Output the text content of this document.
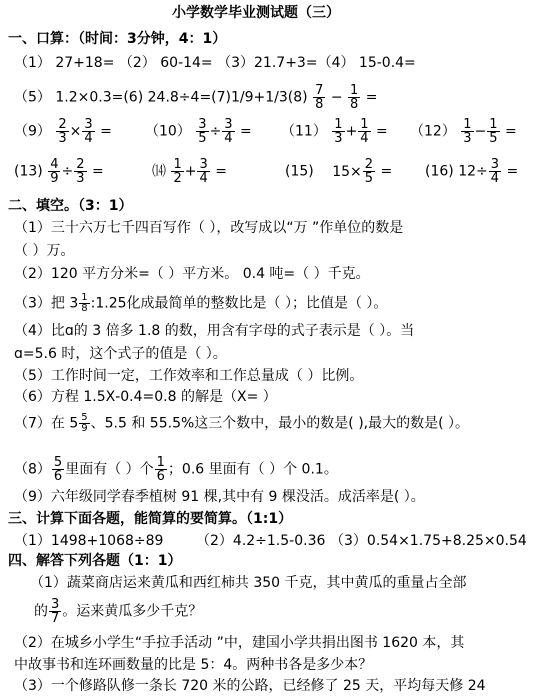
小学数学毕业测试题（三）
一、口算：（时间：3分钟，4：1）
（1） 27+18= （2） 60-14= （3）21.7+3=（4） 15-0.4=
（5） 1.2×0.3=(6) $24.8\div 4=(7)1/9+1/3(8) \frac{7}{8} - \frac{1}{8}$ =
$(9) \frac{2}{3} \times \frac{3}{4} = (10) \frac{3}{5} \div \frac{3}{4} = (11) \frac{1}{3} + \frac{1}{4} = (12) \frac{1}{3} - \frac{1}{5}$ =
$(13) \frac{4}{9} \div \frac{2}{3}$ =	⒁ $\frac{1}{2} + \frac{3}{4}$ =	(15) $15\times \frac{2}{5} = (16)$ $12\div \frac{3}{4}$ =
二、填空。（3：1）
（1）三十六万七千四百写作（ ），改写成以“万 ”作单位的数是
（ ）万。
（2）120 平方分米=（ ）平方米。 0.4 吨=（ ）千克。
（3）把 $3 \frac{1}{8}$ :1.25化成最简单的整数比是（ ）；比值是（ ）。
（4）比ɑ的 3 倍多 1.8 的数，用含有字母的式子表示是（ ）。当
ɑ=5.6 时，这个式子的值是（ ）。
（5）工作时间一定，工作效率和工作总量成（ ）比例。
（6）方程 1.5Ⅹ-0.4=0.8 的解是（Ⅹ= ）
（7）在 $5 \frac{5}{9}$ 、5.5 和 55.5%这三个数中，最小的数是( ),最大的数是( ）。
$(8) \frac{5}{6}$ 里面有（ ）个 $\frac{1}{6}$ ；0.6 里面有（ ）个 0.1。
（9）六年级同学春季植树 91 棵,其中有 9 棵没活。成活率是( ）。
三、计算下面各题，能简算的要简算。（1:1）
（1）1498+1068÷89 （2）4.2÷1.5-0.36 （3）0.54×1.75+8.25×0.54
四、解答下列各题（1：1）
（1）蔬菜商店运来黄瓜和西红柿共 350 千克，其中黄瓜的重量占全部
的 $\frac{3}{7}$ 。运来黄瓜多少千克？
（2）在城乡小学生“手拉手活动 ”中，建国小学共捐出图书 1620 本，其
中故事书和连环画数量的比是 5：4。两种书各是多少本？
（3）一个修路队修一条长 720 米的公路，已经修了 25 天，平均每天修 24
